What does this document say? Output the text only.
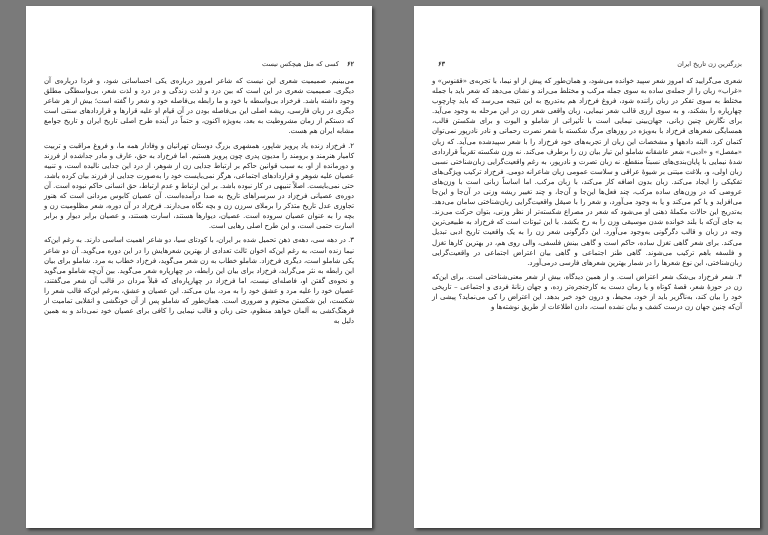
۶۲ کسی که مثل هیچکس نیست

می‌بینیم. صمیمیت شعری این نیست که شاعر امروز درباره‌ی یکی احساساتی شود، و فردا درباره‌ی آن دیگری. صمیمیت شعری در این است که بین درد و لذت زندگی و در درد و لذت شعر، بی‌واسطگی مطلق وجود داشته باشد. فرخزاد بی‌واسطه با خود و ما رابطه بی‌فاصله خود و شعر را گفته است؛ بیش از هر شاعر دیگری در زبان فارسی، ریشه اصلی این بی‌فاصله بودن در آن قیام او علیه قرارها و قراردادهای سنتی است که دستکم از زمان مشروطیت به بعد، به‌ویژه اکنون، و حتماً در آینده طرح اصلی تاریخ ایران و تاریخ جوامع مشابه ایران هم هست.

۲. فرخ‌زاد زنده یاد پرویز شاپور، همشهری بزرگ دوستان تهرانیان و وفادار همه ما، و فروغ مراقبت و تربیت کامیار هنرمند و برومند را مدیون پدری چون پرویز هستیم. اما فرخ‌زاد به حق، عارف و مادر جداشده از فرزند و دورمانده از او، به سبب قوانین حاکم بر ارتباط جدایی زن از شوهر، از درد این جدایی نالیده است، و تنبیه عصیان علیه شوهر و قراردادهای اجتماعی، هرگز نمی‌بایست خود را به‌صورت جدایی از فرزند بیان کرده باشد، حتی نمی‌بایست. اصلاً تنبیهی در کار نبوده باشد. بر این ارتباط و عدم ارتباط، حق انسانی حاکم نبوده است. آن دوره‌ی عصیانی فرخ‌زاد در سرسراهای تاریخ به صدا درآمده‌است. آن عصیان کابوس مردانی است که هنوز تجاوزی عدل تاریخ متذکر را برملای سرزن زن و بچه نگاه می‌دارند. فرخ‌زاد در آن دوره، شعر مظلومیت زن و بچه را به عنوان عصیان سروده است. عصیان، دیوارها هستند، اسارت هستند، و عصیان برابر دیوار و برابر اسارت حتمی است، و این طرح اصلی رهایی است.

۳. در دهه سی، دهه‌ی ذهن تحمیل شده بر ایران، با کودتای سیا، دو شاعر اهمیت اساسی دارند. به رغم این‌که نیما زنده است، به رغم این‌که اخوان ثالث تعدادی از بهترین شعرهایش را در این دوره می‌گوید. آن دو شاعر یکی شاملو است، دیگری فرخ‌زاد. شاملو خطاب به زن شعر می‌گوید، فرخ‌زاد خطاب به مرد. شاملو برای بیان این رابطه به نثر می‌گراید، فرخ‌زاد برای بیان این رابطه، در چهارپاره شعر می‌گوید. بین آن‌چه شاملو می‌گوید و نحوه‌ی گفتن او، فاصله‌ای نیست، اما فرخ‌زاد در چهارپاره‌ای که قبلاً مردان در قالب آن شعر می‌گفتند، عصیان خود را علیه مرد و عشق خود را به مرد، بیان می‌کند. این عصیان و عشق، به‌رغم این‌که قالب شعر را شکست، این شکستن محتوم و ضروری است. همان‌طور که شاملو پس از آن خونگشی و انقلابی تمامیت از فرهنگ‌کشی به آلمان خواهد منظوم، حتی زبان و قالب نیمایی را کافی برای عصیان خود نمی‌داند و به همین دلیل به

بزرگترین زن تاریخ ایران
۶۳

شعری می‌گرایید که امروز شعر سپید خوانده می‌شود، و همان‌طور که پیش از او نیما، با تجربه‌ی «ققنوس» و «غراب» زبان را از جمله‌ی ساده به سوی جمله مرکب و مختلط می‌راند و نشان می‌دهد که شعر باید با جمله مختلط به سوی تفکر در زبان راننده شود، فروغ فرخ‌زاد هم به‌تدریج به این نتیجه می‌رسد که باید چارچوب چهارپاره را بشکند، و به سوی ارزی قالب شعر نیمایی، زبان واقعی شعر زن در این مرحله به وجود می‌آید. برای نگارش چنین زبانی، جهان‌بینی نیمایی است با تأثیراتی از شاملو و الیوت و برای شکستن قالب، همسایگی شعرهای فرخ‌زاد با به‌ویژه در روزهای مرگ شکسته با شعر نصرت رحمانی و نادر نادرپور نمی‌توان کتمان کرد. البته دادهها و مشخصات این زبان از تجربه‌های خود فرخ‌زاد را با شعر سپیدشده می‌آید. که زبان «مفصل» و «ادبی» شعر عاشقانه شاملو این تیار بیان زن را برطرف می‌کند. نه وزن شکسته تقریباً قراردادی شدۀ نیمایی با پایان‌بندی‌های نسبتاً منقطع. نه زبان تصرت و نادرپور، به رغم واقعیت‌گرایی زبان‌شناختی نسبی زبان اولی، و، بلاغت میتنی بر شیوۀ عراقی و سلاست عمومی زبان شاعرانه دومی. فرخ‌زاد ترکیب ویژگی‌های تفکیکی را ایجاد می‌کند. زبان بدون اضافه کار می‌کند، با زبان مرکب. اما اساساً زبانی است با وزن‌های عروضی که در وزن‌های ساده مرکب، چند فعل‌ها این‌جا و آن‌جا، و چند تغییر ریشه وزنی در آن‌جا و این‌جا می‌افزاید و یا کم می‌کند و یا به وجود می‌آورد، و شعر را با صیقل واقعیت‌گرایی زبان‌شناختی سامان می‌دهد. به‌تدریج این حالات مکملهٔ ذهنی او می‌شود که شعر در مصراع شکسته‌تر از نظر وزنی، بتوان حرکت می‌زند. به جای آن‌که با بلند خوانده شدن موسیقی وزن را به رخ بکشد. با این ثبوتات است که فرخ‌زاد به طبیعی‌ترین وجه در زبان و قالب دگرگونی به‌وجود می‌آورد. این دگرگونی شعر زن را به یک واقعیت تاریخ ادبی تبدیل می‌کند. برای شعر گاهی تغزل ساده، حاکم است و گاهی بینش فلسفی، والی روی هم، در بهترین کارها تغزل و فلسفه باهم ترکیب می‌شوند. گاهی طنز اجتماعی و گاهی بیان اعتراض اجتماعی در واقعیت‌گرایی زبان‌شناختی، این نوع شعرها را در شمار بهترین شعرهای فارسی درمی‌آورد.

۴. شعر فرخ‌زاد بی‌شک شعر اعتراض است. و از همین دیدگاه، بیش از شعر معنی‌شناختی است. برای این‌که زن در حوزۀ شعر، قصۀ کوتاه و یا رمان دست به کارجنجره‌تر زده، و جهان زنانۀ فردی و اجتماعی – تاریخی خود را بیان کند، به‌ناگزیر باید از خود، محیط، و درون خود خبر بدهد. این اعتراض را کی می‌نماید؟ پیشی از آن‌که چنین جهان زن درست کشف و بیان نشده است، دادن اطلاعات از طریق نوشته‌ها و
